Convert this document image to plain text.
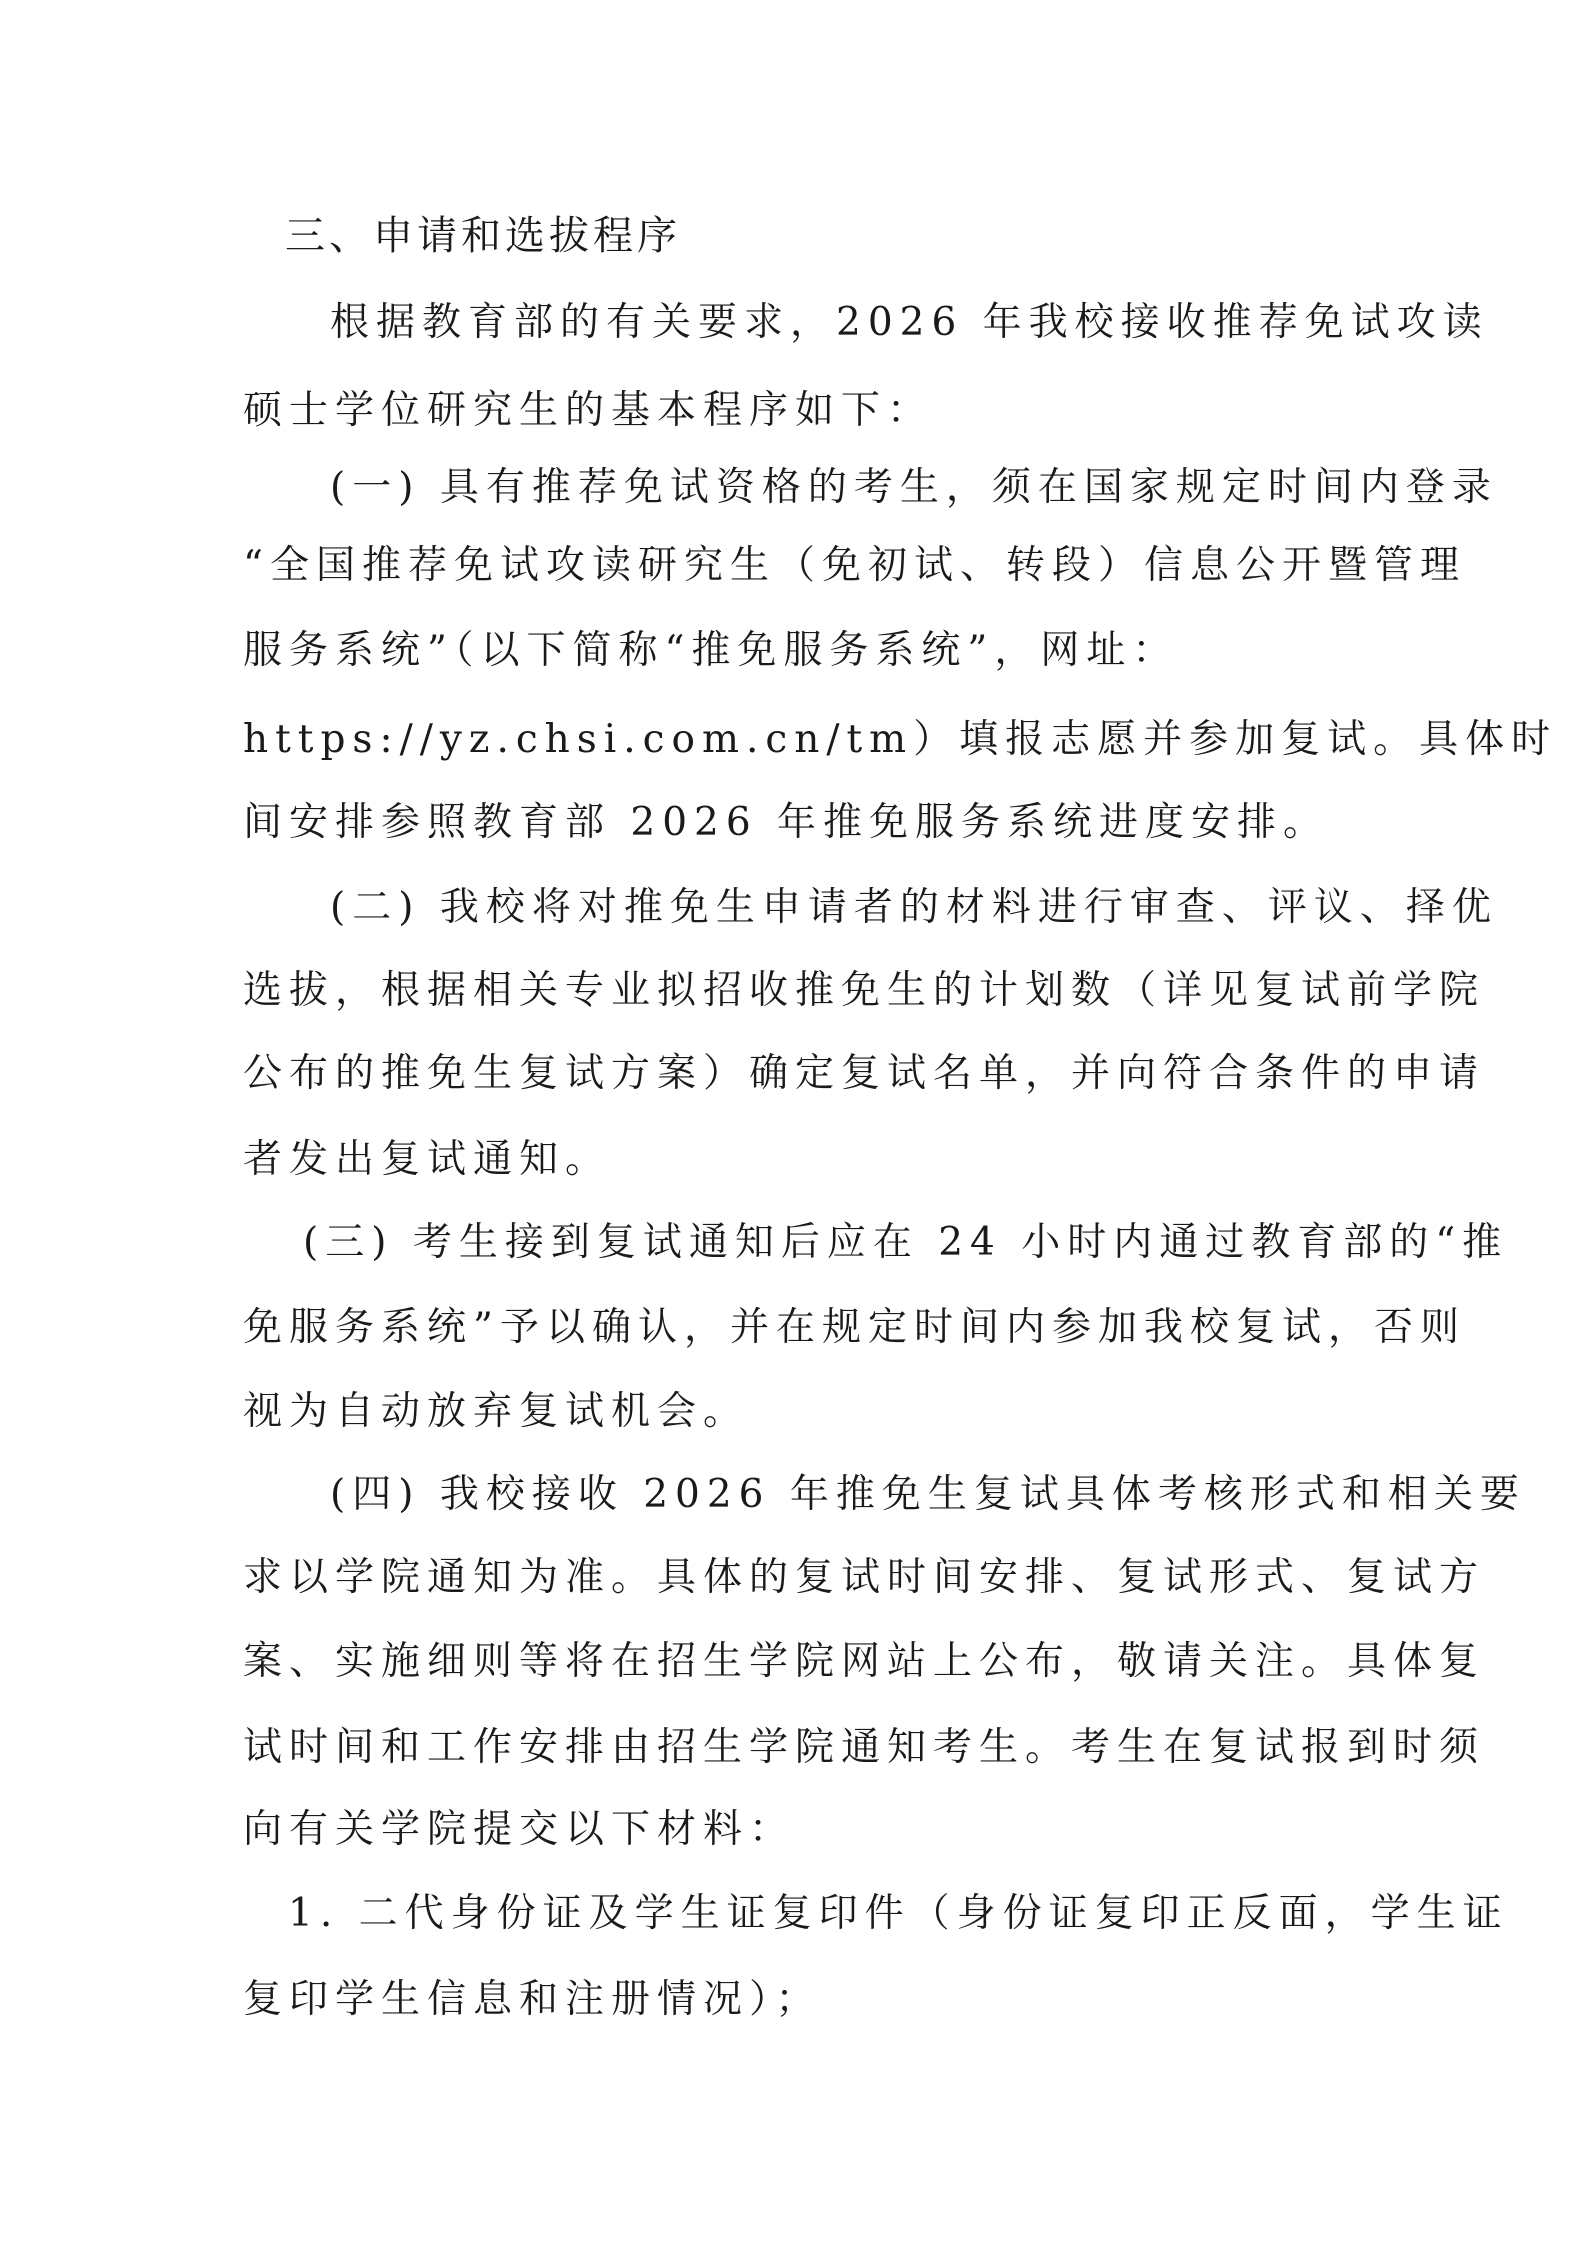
三、申请和选拔程序
根据教育部的有关要求，2026 年我校接收推荐免试攻读
硕士学位研究生的基本程序如下：
(一) 具有推荐免试资格的考生，须在国家规定时间内登录
“全国推荐免试攻读研究生（免初试、转段）信息公开暨管理
服务系统”（以下简称“推免服务系统”，网址：
https://yz.chsi.com.cn/tm）填报志愿并参加复试。具体时
间安排参照教育部 2026 年推免服务系统进度安排。
(二) 我校将对推免生申请者的材料进行审查、评议、择优
选拔，根据相关专业拟招收推免生的计划数（详见复试前学院
公布的推免生复试方案）确定复试名单，并向符合条件的申请
者发出复试通知。
(三) 考生接到复试通知后应在 24 小时内通过教育部的“推
免服务系统”予以确认，并在规定时间内参加我校复试，否则
视为自动放弃复试机会。
(四) 我校接收 2026 年推免生复试具体考核形式和相关要
求以学院通知为准。具体的复试时间安排、复试形式、复试方
案、实施细则等将在招生学院网站上公布，敬请关注。具体复
试时间和工作安排由招生学院通知考生。考生在复试报到时须
向有关学院提交以下材料：
1. 二代身份证及学生证复印件（身份证复印正反面，学生证
复印学生信息和注册情况）；
